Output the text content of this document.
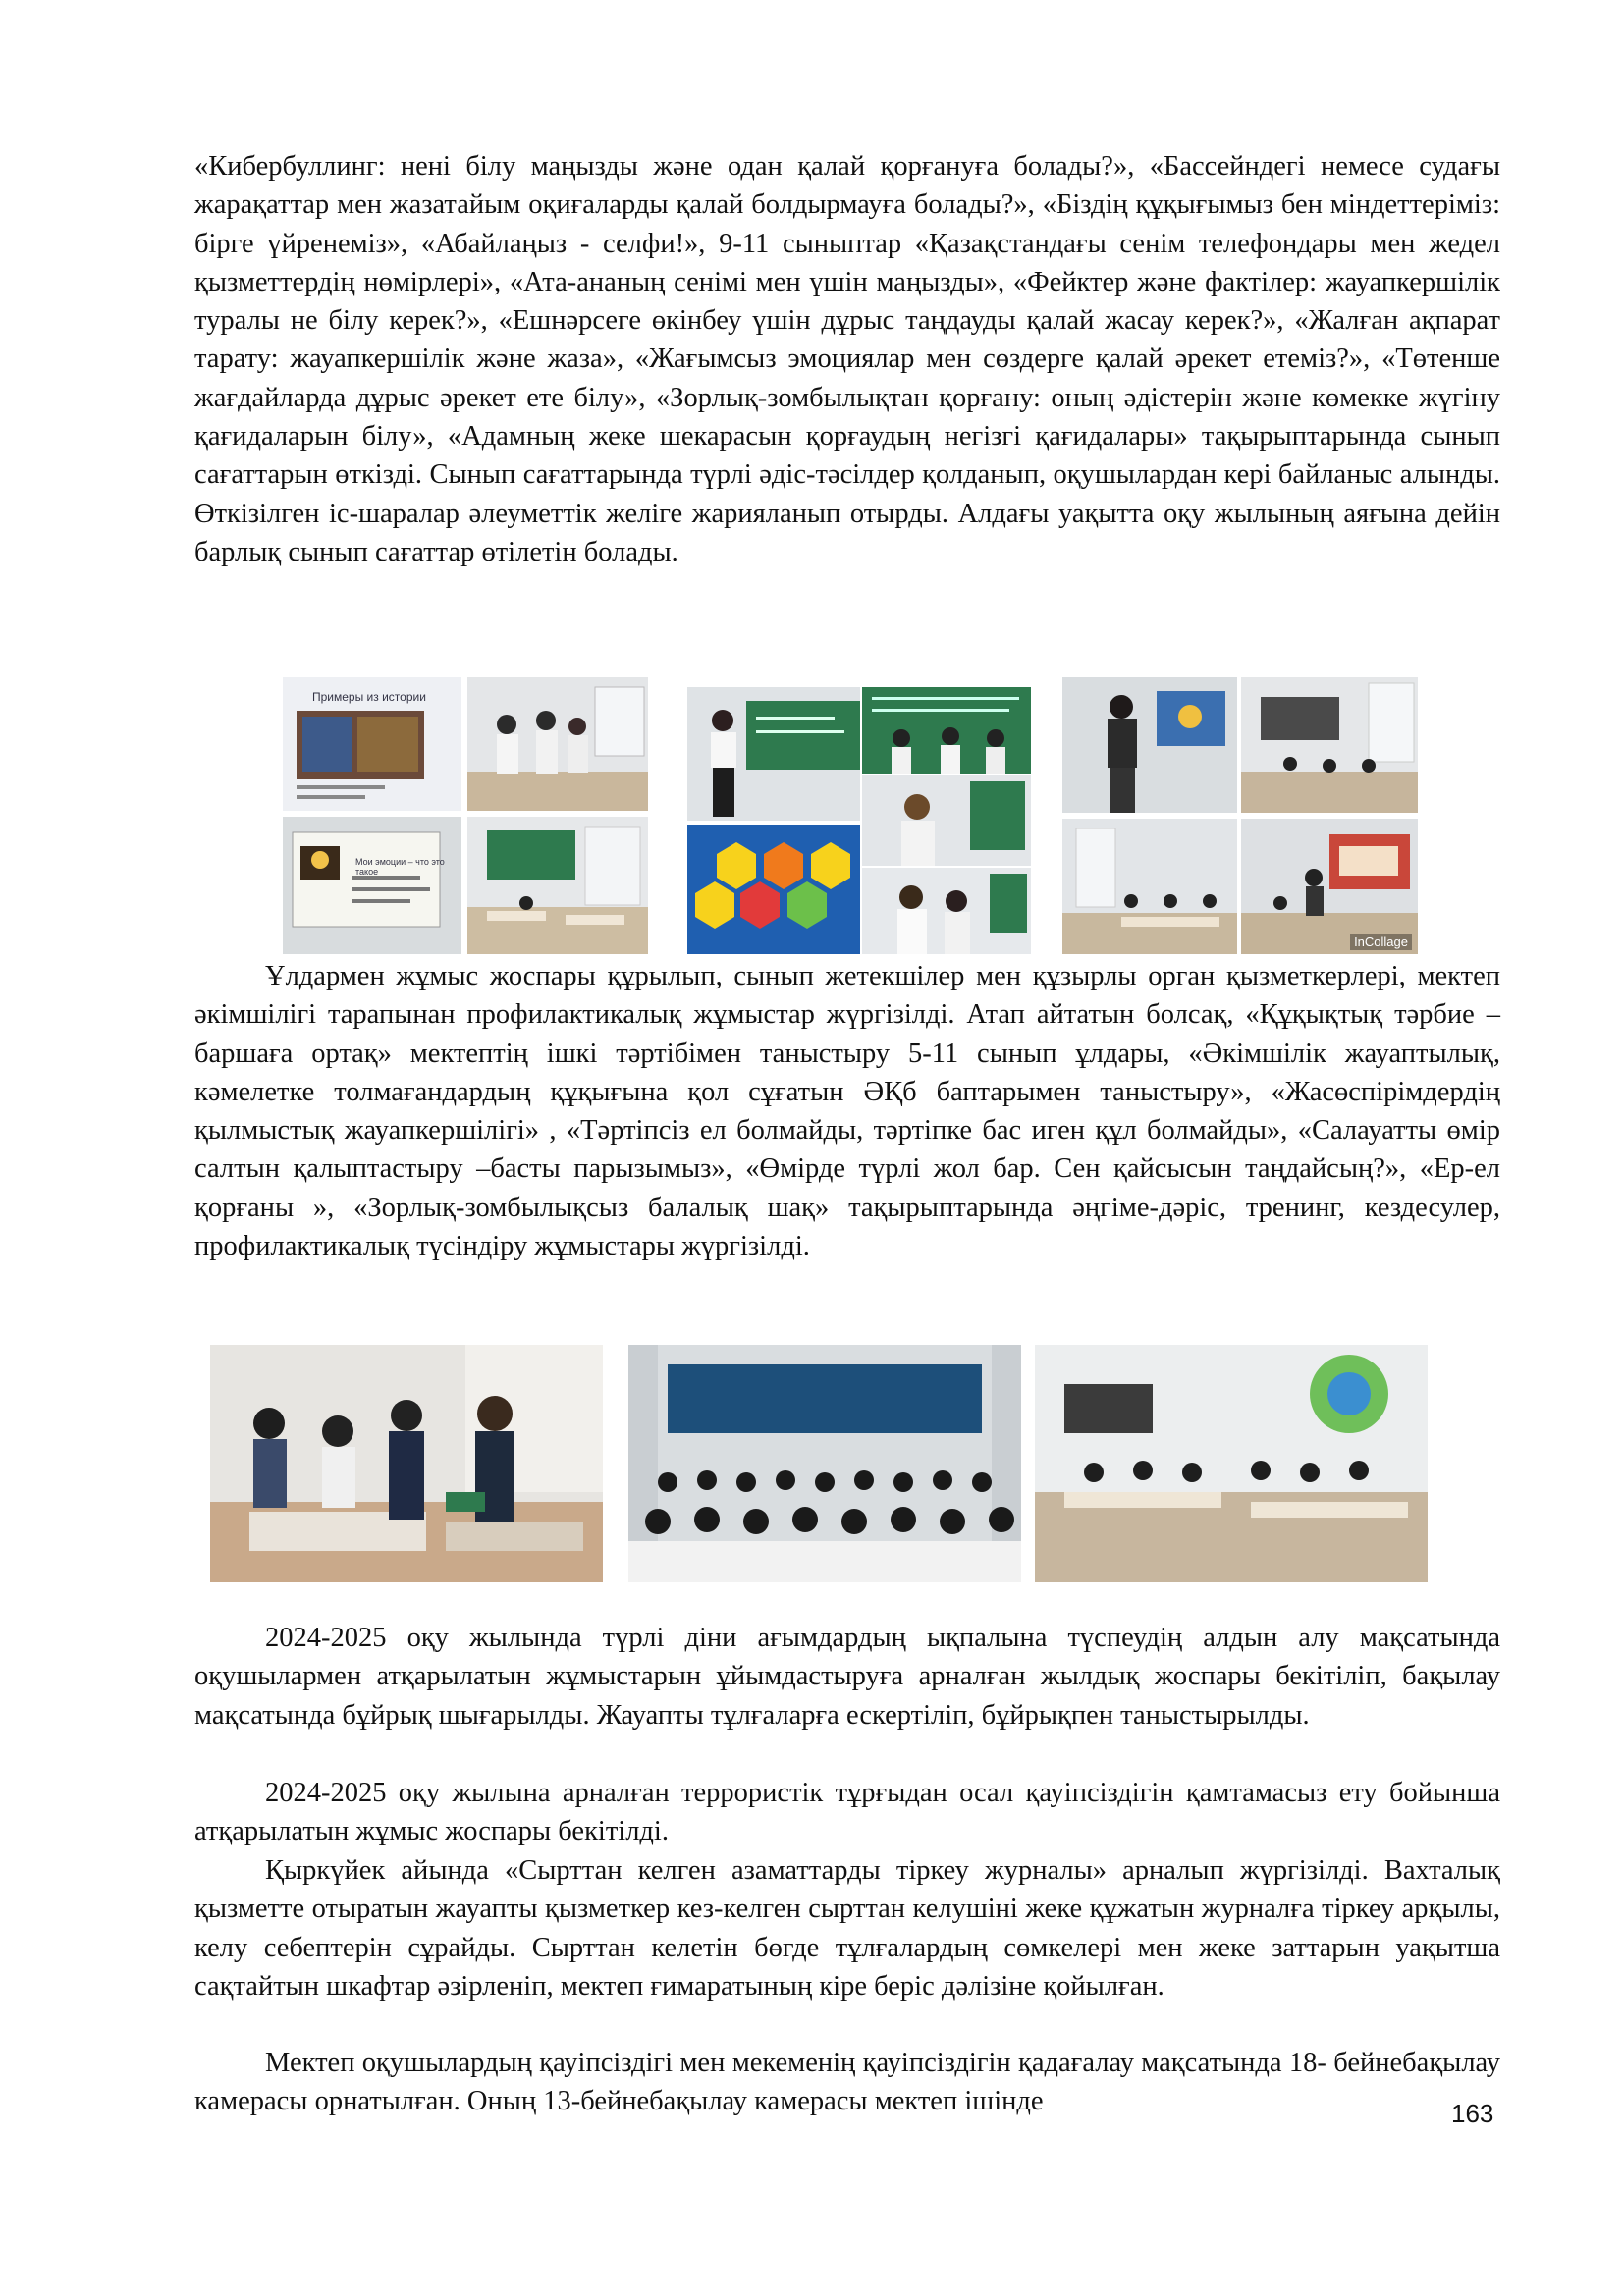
«Кибербуллинг: нені білу маңызды және одан қалай қорғануға болады?», «Бассейндегі немесе судағы жарақаттар мен жазатайым оқиғаларды қалай болдырмауға болады?», «Біздің құқығымыз бен міндеттеріміз: бірге үйренеміз», «Абайлаңыз - селфи!», 9-11 сыныптар «Қазақстандағы сенім телефондары мен жедел қызметтердің нөмірлері», «Ата-ананың сенімі мен үшін маңызды», «Фейктер және фактілер: жауапкершілік туралы не білу керек?», «Ешнәрсеге өкінбеу үшін дұрыс таңдауды қалай жасау керек?», «Жалған ақпарат тарату: жауапкершілік және жаза», «Жағымсыз эмоциялар мен сөздерге қалай әрекет етеміз?», «Төтенше жағдайларда дұрыс әрекет ете білу», «Зорлық-зомбылықтан қорғану: оның әдістерін және көмекке жүгіну қағидаларын білу», «Адамның жеке шекарасын қорғаудың негізгі қағидалары» тақырыптарында сынып сағаттарын өткізді. Сынып сағаттарында түрлі әдіс-тәсілдер қолданып, оқушылардан кері байланыс алынды. Өткізілген іс-шаралар әлеуметтік желіге жарияланып отырды. Алдағы уақытта оқу жылының аяғына дейін барлық сынып сағаттар өтілетін болады.

Примеры из истории
Мои эмоции – что это такое
InCollage

Ұлдармен жұмыс жоспары құрылып, сынып жетекшілер мен құзырлы орган қызметкерлері, мектеп әкімшілігі тарапынан профилактикалық жұмыстар жүргізілді. Атап айтатын болсақ, «Құқықтық тәрбие –баршаға ортақ» мектептің ішкі тәртібімен таныстыру 5-11 сынып ұлдары, «Әкімшілік жауаптылық, кәмелетке толмағандардың құқығына қол сұғатын ӘҚб баптарымен таныстыру», «Жасөспірімдердің қылмыстық жауапкершілігі» , «Тәртіпсіз ел болмайды, тәртіпке бас иген құл болмайды», «Салауатты өмір салтын қалыптастыру –басты парызымыз», «Өмірде түрлі жол бар. Сен қайсысын таңдайсың?», «Ер-ел қорғаны », «Зорлық-зомбылықсыз балалық шақ» тақырыптарында әңгіме-дәріс, тренинг, кездесулер, профилактикалық түсіндіру жұмыстары жүргізілді.

2024-2025 оқу жылында түрлі діни ағымдардың ықпалына түспеудің алдын алу мақсатында оқушылармен атқарылатын жұмыстарын ұйымдастыруға арналған жылдық жоспары бекітіліп, бақылау мақсатында бұйрық шығарылды. Жауапты тұлғаларға ескертіліп, бұйрықпен таныстырылды.

2024-2025 оқу жылына арналған террористік тұрғыдан осал қауіпсіздігін қамтамасыз ету бойынша атқарылатын жұмыс жоспары бекітілді.

Қыркүйек айында «Сырттан келген азаматтарды тіркеу журналы» арналып жүргізілді. Вахталық қызметте отыратын жауапты қызметкер кез-келген сырттан келушіні жеке құжатын журналға тіркеу арқылы, келу себептерін сұрайды. Сырттан келетін бөгде тұлғалардың сөмкелері мен жеке заттарын уақытша сақтайтын шкафтар әзірленіп, мектеп ғимаратының кіре беріс дәлізіне қойылған.

Мектеп оқушылардың қауіпсіздігі мен мекеменің қауіпсіздігін қадағалау мақсатында 18- бейнебақылау камерасы орнатылған. Оның 13-бейнебақылау камерасы мектеп ішінде	163
